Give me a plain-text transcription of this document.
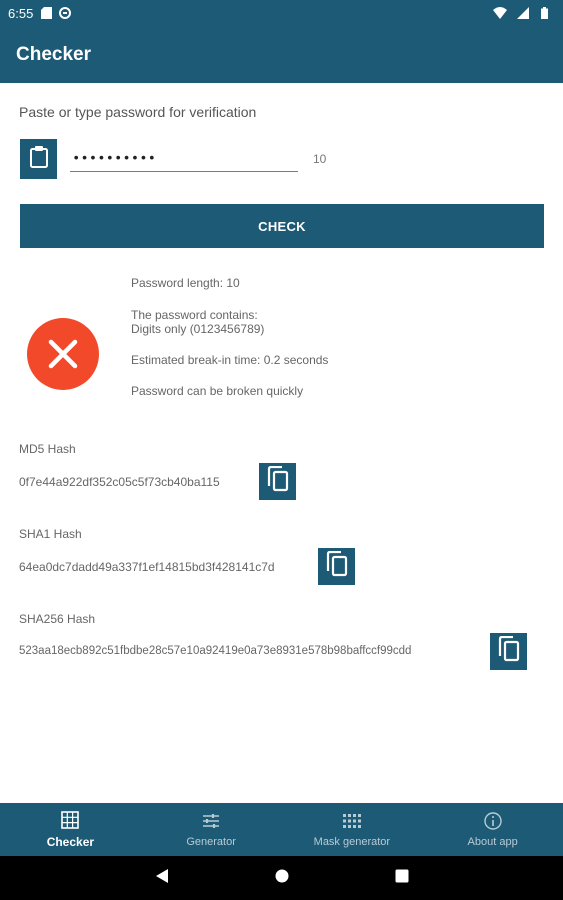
6:55
Checker
Paste or type password for verification
••••••••••
10
CHECK
Password length: 10
The password contains:
Digits only (0123456789)
Estimated break-in time: 0.2 seconds
Password can be broken quickly
MD5 Hash
0f7e44a922df352c05c5f73cb40ba115
SHA1 Hash
64ea0dc7dadd49a337f1ef14815bd3f428141c7d
SHA256 Hash
523aa18ecb892c51fbdbe28c57e10a92419e0a73e8931e578b98baffccf99cdd
Checker	Generator	Mask generator	About app
